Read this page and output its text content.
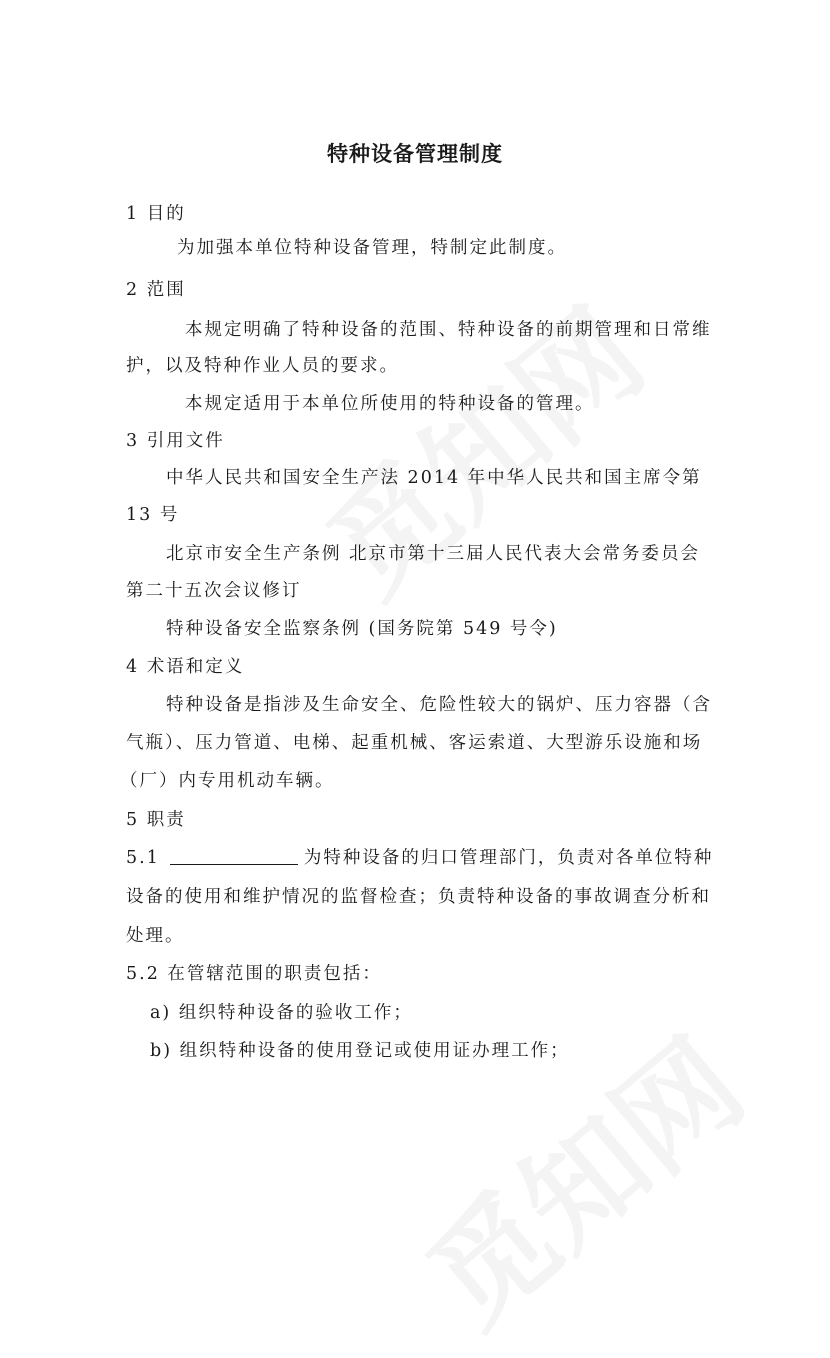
特种设备管理制度
1 目的
为加强本单位特种设备管理，特制定此制度。
2 范围
本规定明确了特种设备的范围、特种设备的前期管理和日常维
护，以及特种作业人员的要求。
本规定适用于本单位所使用的特种设备的管理。
3 引用文件
中华人民共和国安全生产法 2014 年中华人民共和国主席令第
13 号
北京市安全生产条例 北京市第十三届人民代表大会常务委员会
第二十五次会议修订
特种设备安全监察条例 (国务院第 549 号令)
4 术语和定义
特种设备是指涉及生命安全、危险性较大的锅炉、压力容器（含
气瓶）、压力管道、电梯、起重机械、客运索道、大型游乐设施和场
（厂）内专用机动车辆。
5 职责
5.1	为特种设备的归口管理部门，负责对各单位特种
设备的使用和维护情况的监督检查；负责特种设备的事故调查分析和
处理。
5.2 在管辖范围的职责包括：
a) 组织特种设备的验收工作；
b) 组织特种设备的使用登记或使用证办理工作；
